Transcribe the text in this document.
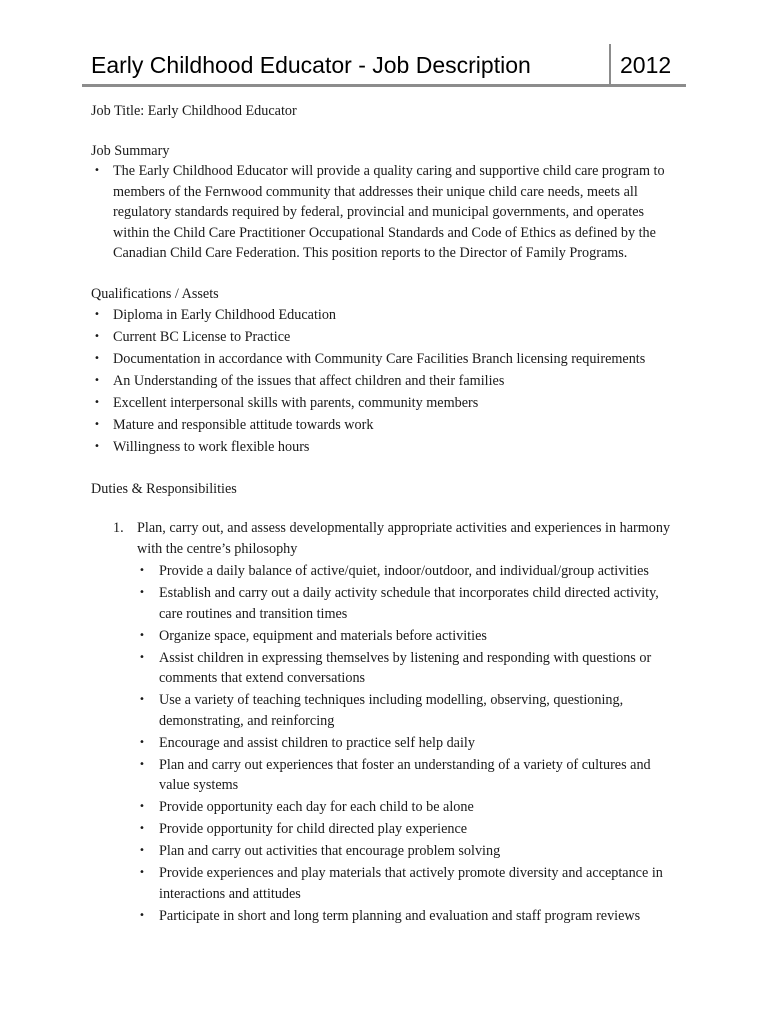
Early Childhood Educator - Job Description	2012

Job Title: Early Childhood Educator

Job Summary

• The Early Childhood Educator will provide a quality caring and supportive child care program to members of the Fernwood community that addresses their unique child care needs, meets all regulatory standards required by federal, provincial and municipal governments, and operates within the Child Care Practitioner Occupational Standards and Code of Ethics as defined by the Canadian Child Care Federation. This position reports to the Director of Family Programs.

Qualifications / Assets

• Diploma in Early Childhood Education
• Current BC License to Practice
• Documentation in accordance with Community Care Facilities Branch licensing requirements
• An Understanding of the issues that affect children and their families
• Excellent interpersonal skills with parents, community members
• Mature and responsible attitude towards work
• Willingness to work flexible hours

Duties & Responsibilities

1. Plan, carry out, and assess developmentally appropriate activities and experiences in harmony with the centre’s philosophy
• Provide a daily balance of active/quiet, indoor/outdoor, and individual/group activities
• Establish and carry out a daily activity schedule that incorporates child directed activity, care routines and transition times
• Organize space, equipment and materials before activities
• Assist children in expressing themselves by listening and responding with questions or comments that extend conversations
• Use a variety of teaching techniques including modelling, observing, questioning, demonstrating, and reinforcing
• Encourage and assist children to practice self help daily
• Plan and carry out experiences that foster an understanding of a variety of cultures and value systems
• Provide opportunity each day for each child to be alone
• Provide opportunity for child directed play experience
• Plan and carry out activities that encourage problem solving
• Provide experiences and play materials that actively promote diversity and acceptance in interactions and attitudes
• Participate in short and long term planning and evaluation and staff program reviews
